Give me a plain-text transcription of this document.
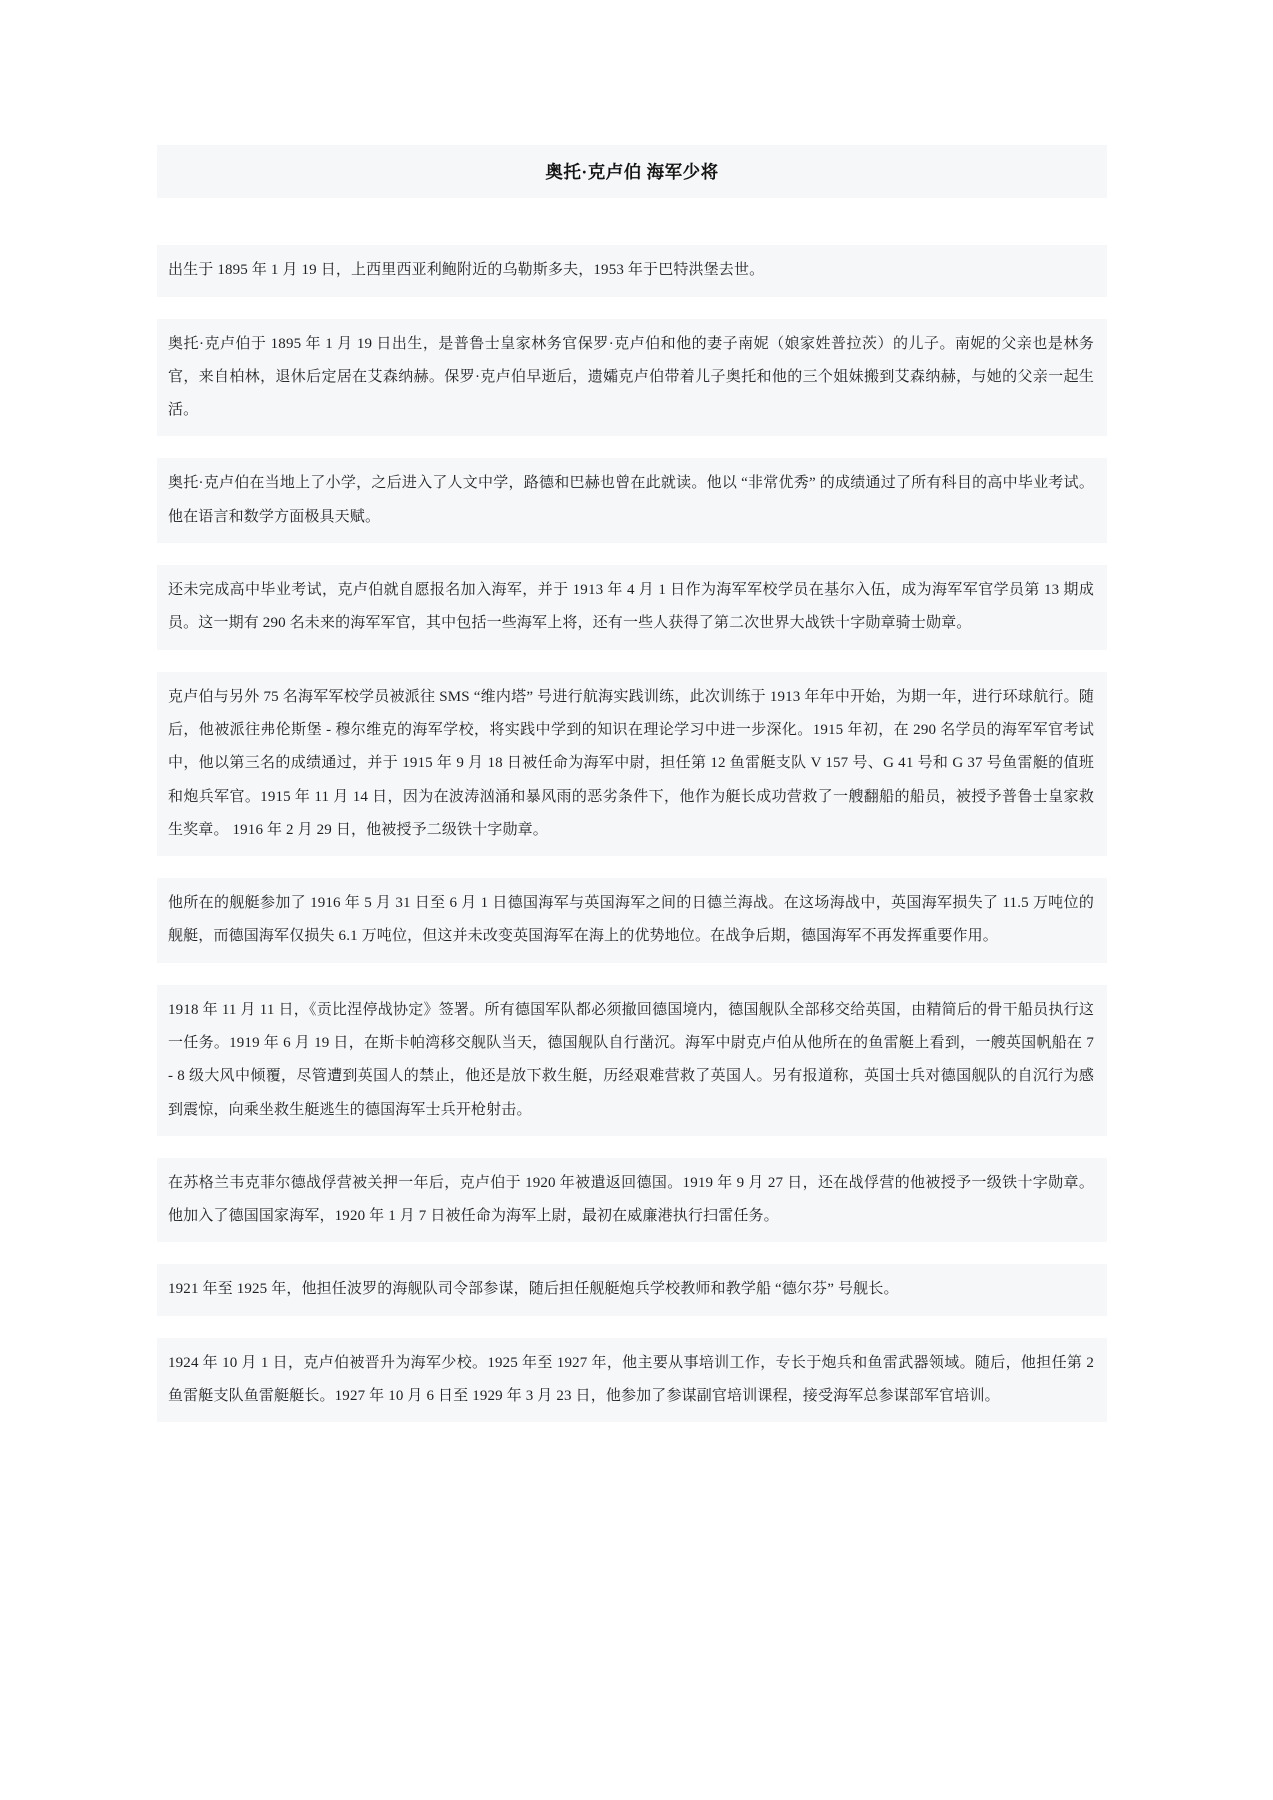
奥托·克卢伯 海军少将
出生于 1895 年 1 月 19 日，上西里西亚利鲍附近的乌勒斯多夫，1953 年于巴特洪堡去世。
奥托·克卢伯于 1895 年 1 月 19 日出生，是普鲁士皇家林务官保罗·克卢伯和他的妻子南妮（娘家姓普拉茨）的儿子。南妮的父亲也是林务官，来自柏林，退休后定居在艾森纳赫。保罗·克卢伯早逝后，遗孀克卢伯带着儿子奥托和他的三个姐妹搬到艾森纳赫，与她的父亲一起生活。
奥托·克卢伯在当地上了小学，之后进入了人文中学，路德和巴赫也曾在此就读。他以 “非常优秀” 的成绩通过了所有科目的高中毕业考试。他在语言和数学方面极具天赋。
还未完成高中毕业考试，克卢伯就自愿报名加入海军，并于 1913 年 4 月 1 日作为海军军校学员在基尔入伍，成为海军军官学员第 13 期成员。这一期有 290 名未来的海军军官，其中包括一些海军上将，还有一些人获得了第二次世界大战铁十字勋章骑士勋章。
克卢伯与另外 75 名海军军校学员被派往 SMS “维内塔” 号进行航海实践训练，此次训练于 1913 年年中开始，为期一年，进行环球航行。随后，他被派往弗伦斯堡 - 穆尔维克的海军学校，将实践中学到的知识在理论学习中进一步深化。1915 年初，在 290 名学员的海军军官考试中，他以第三名的成绩通过，并于 1915 年 9 月 18 日被任命为海军中尉，担任第 12 鱼雷艇支队 V 157 号、G 41 号和 G 37 号鱼雷艇的值班和炮兵军官。1915 年 11 月 14 日，因为在波涛汹涌和暴风雨的恶劣条件下，他作为艇长成功营救了一艘翻船的船员，被授予普鲁士皇家救生奖章。 1916 年 2 月 29 日，他被授予二级铁十字勋章。
他所在的舰艇参加了 1916 年 5 月 31 日至 6 月 1 日德国海军与英国海军之间的日德兰海战。在这场海战中，英国海军损失了 11.5 万吨位的舰艇，而德国海军仅损失 6.1 万吨位，但这并未改变英国海军在海上的优势地位。在战争后期，德国海军不再发挥重要作用。
1918 年 11 月 11 日，《贡比涅停战协定》签署。所有德国军队都必须撤回德国境内，德国舰队全部移交给英国，由精简后的骨干船员执行这一任务。1919 年 6 月 19 日，在斯卡帕湾移交舰队当天，德国舰队自行凿沉。海军中尉克卢伯从他所在的鱼雷艇上看到，一艘英国帆船在 7 - 8 级大风中倾覆，尽管遭到英国人的禁止，他还是放下救生艇，历经艰难营救了英国人。另有报道称，英国士兵对德国舰队的自沉行为感到震惊，向乘坐救生艇逃生的德国海军士兵开枪射击。
在苏格兰韦克菲尔德战俘营被关押一年后，克卢伯于 1920 年被遣返回德国。1919 年 9 月 27 日，还在战俘营的他被授予一级铁十字勋章。他加入了德国国家海军，1920 年 1 月 7 日被任命为海军上尉，最初在威廉港执行扫雷任务。
1921 年至 1925 年，他担任波罗的海舰队司令部参谋，随后担任舰艇炮兵学校教师和教学船 “德尔芬” 号舰长。
1924 年 10 月 1 日，克卢伯被晋升为海军少校。1925 年至 1927 年，他主要从事培训工作，专长于炮兵和鱼雷武器领域。随后，他担任第 2 鱼雷艇支队鱼雷艇艇长。1927 年 10 月 6 日至 1929 年 3 月 23 日，他参加了参谋副官培训课程，接受海军总参谋部军官培训。
